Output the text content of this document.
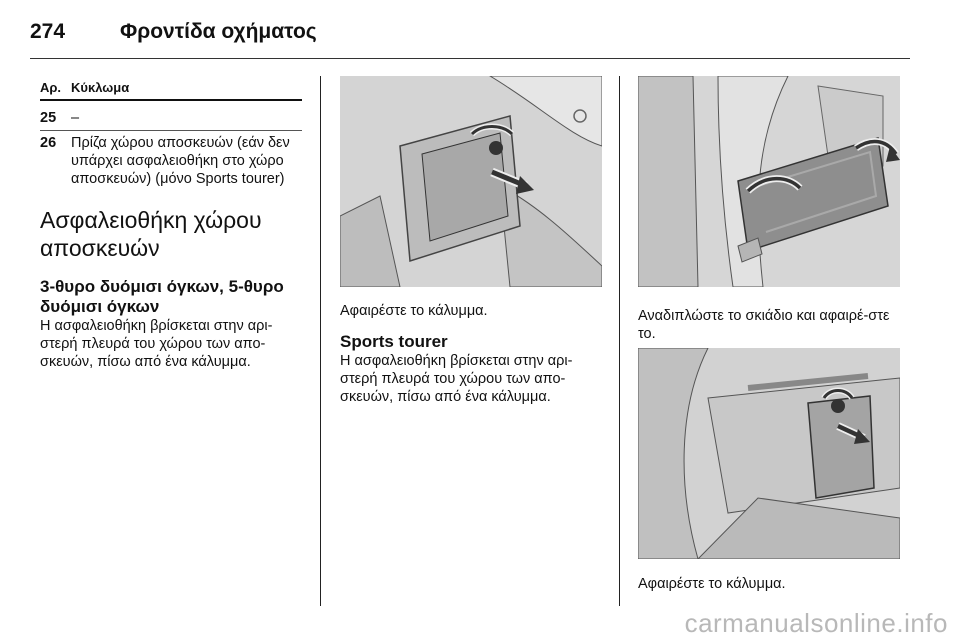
274	Φροντίδα οχήματος
Αρ. Κύκλωμα
25	–
26	Πρίζα χώρου αποσκευών (εάν δεν υπάρχει ασφαλειοθήκη στο χώρο αποσκευών) (μόνο Sports tourer)
Ασφαλειοθήκη χώρου αποσκευών
3-θυρο δυόμισι όγκων, 5-θυρο δυόμισι όγκων
Η ασφαλειοθήκη βρίσκεται στην αρι-στερή πλευρά του χώρου των απο-σκευών, πίσω από ένα κάλυμμα.
Αφαιρέστε το κάλυμμα.
Sports tourer
Η ασφαλειοθήκη βρίσκεται στην αρι-στερή πλευρά του χώρου των απο-σκευών, πίσω από ένα κάλυμμα.
Αναδιπλώστε το σκιάδιο και αφαιρέ-στε το.
Αφαιρέστε το κάλυμμα.
carmanualsonline.info
